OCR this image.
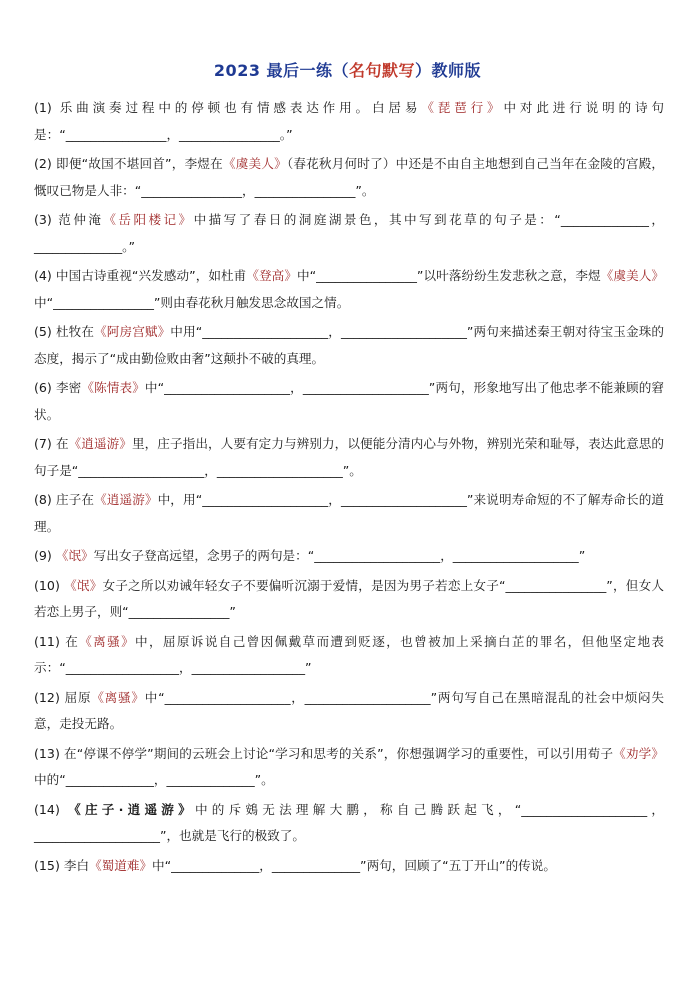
2023 最后一练（名句默写）教师版

(1) 乐曲演奏过程中的停顿也有情感表达作用。白居易《琵琶行》中对此进行说明的诗句是：“________________，________________。”

(2) 即便“故国不堪回首”，李煜在《虞美人》（春花秋月何时了）中还是不由自主地想到自己当年在金陵的宫殿，慨叹已物是人非：“________________，________________”。

(3) 范仲淹《岳阳楼记》中描写了春日的洞庭湖景色，其中写到花草的句子是：“______________，______________。”

(4) 中国古诗重视“兴发感动”，如杜甫《登高》中“________________”以叶落纷纷生发悲秋之意，李煜《虞美人》中“________________”则由春花秋月触发思念故国之情。

(5) 杜牧在《阿房宫赋》中用“____________________，____________________”两句来描述秦王朝对待宝玉金珠的态度，揭示了“成由勤俭败由奢”这颠扑不破的真理。

(6) 李密《陈情表》中“____________________，____________________”两句，形象地写出了他忠孝不能兼顾的窘状。

(7) 在《逍遥游》里，庄子指出，人要有定力与辨别力，以便能分清内心与外物，辨别光荣和耻辱，表达此意思的句子是“____________________，____________________”。

(8) 庄子在《逍遥游》中，用“____________________，____________________”来说明寿命短的不了解寿命长的道理。

(9) 《氓》写出女子登高远望，念男子的两句是：“____________________，____________________”

(10) 《氓》女子之所以劝诫年轻女子不要偏听沉溺于爱情，是因为男子若恋上女子“________________”，但女人若恋上男子，则“________________”

(11) 在《离骚》中，屈原诉说自己曾因佩戴草而遭到贬逐，也曾被加上采摘白芷的罪名，但他坚定地表示：“__________________，__________________”

(12) 屈原《离骚》中“____________________，____________________”两句写自己在黑暗混乱的社会中烦闷失意，走投无路。

(13) 在“停课不停学”期间的云班会上讨论“学习和思考的关系”，你想强调学习的重要性，可以引用荀子《劝学》中的“______________，______________”。

(14) 《庄子·逍遥游》中的斥鴳无法理解大鹏，称自己腾跃起飞，“____________________，____________________”，也就是飞行的极致了。

(15) 李白《蜀道难》中“______________，______________”两句，回顾了“五丁开山”的传说。
